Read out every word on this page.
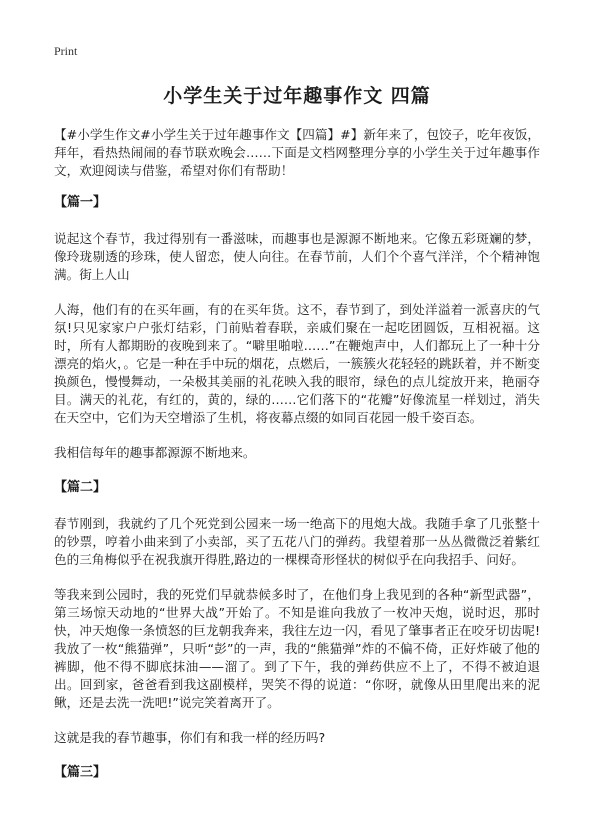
Print
小学生关于过年趣事作文 四篇

【#小学生作文#小学生关于过年趣事作文【四篇】#】新年来了，包饺子，吃年夜饭，拜年，看热热闹闹的春节联欢晚会……下面是文档网整理分享的小学生关于过年趣事作文，欢迎阅读与借鉴，希望对你们有帮助！

【篇一】

说起这个春节，我过得别有一番滋味，而趣事也是源源不断地来。它像五彩斑斓的梦，像玲珑剔透的珍珠，使人留恋，使人向往。在春节前，人们个个喜气洋洋，个个精神饱满。街上人山

人海，他们有的在买年画，有的在买年货。这不，春节到了，到处洋溢着一派喜庆的气氛!只见家家户户张灯结彩，门前贴着春联，亲戚们聚在一起吃团圆饭，互相祝福。这时，所有人都期盼的夜晚到来了。“噼里啪啦……”在鞭炮声中，人们都玩上了一种十分漂亮的焰火，。它是一种在手中玩的烟花，点燃后，一簇簇火花轻轻的跳跃着，并不断变换颜色，慢慢舞动，一朵极其美丽的礼花映入我的眼帘，绿色的点儿绽放开来，艳丽夺目。满天的礼花，有红的，黄的，绿的……它们落下的“花瓣”好像流星一样划过，消失在天空中，它们为天空增添了生机，将夜幕点缀的如同百花园一般千姿百态。

我相信每年的趣事都源源不断地来。

【篇二】

春节刚到，我就约了几个死党到公园来一场一绝高下的甩炮大战。我随手拿了几张整十的钞票，哼着小曲来到了小卖部，买了五花八门的弹药。我望着那一丛丛微微泛着紫红色的三角梅似乎在祝我旗开得胜,路边的一棵棵奇形怪状的树似乎在向我招手、问好。

等我来到公园时，我的死党们早就恭候多时了，在他们身上我见到的各种“新型武器”，第三场惊天动地的“世界大战”开始了。不知是谁向我放了一枚冲天炮，说时迟，那时快，冲天炮像一条愤怒的巨龙朝我奔来，我往左边一闪，看见了肇事者正在咬牙切齿呢!我放了一枚“熊猫弹”，只听“彭”的一声，我的“熊猫弹”炸的不偏不倚，正好炸破了他的裤脚，他不得不脚底抹油——溜了。到了下午，我的弹药供应不上了，不得不被迫退出。回到家，爸爸看到我这副模样，哭笑不得的说道：“你呀，就像从田里爬出来的泥鳅，还是去洗一洗吧!”说完笑着离开了。

这就是我的春节趣事，你们有和我一样的经历吗?

【篇三】
